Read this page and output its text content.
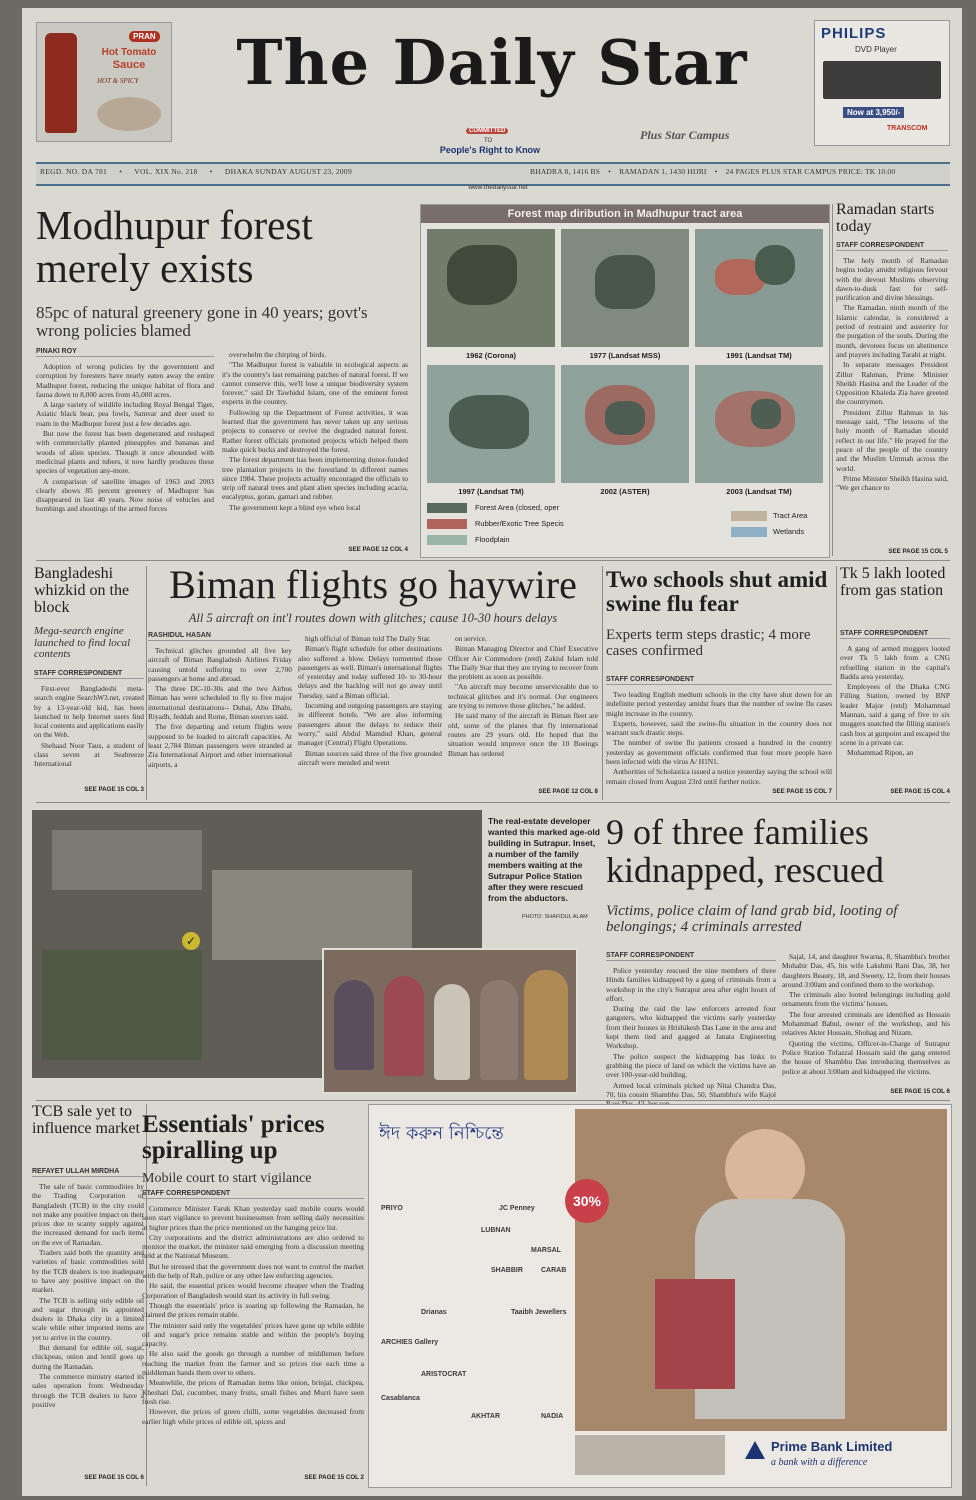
PRAN
Hot Tomato
Sauce
HOT & SPICY	The Daily Star
Plus Star Campus
PHILIPS
DVD Player
Now at 3,950/-
TRANSCOM
COMMITTED
TO
People's Right to Know
REGD. NO. DA 781 • VOL. XIX No. 218 • DHAKA SUNDAY AUGUST 23, 2009	BHADRA 8, 1416 BS • RAMADAN 1, 1430 HIJRI • 24 PAGES PLUS STAR CAMPUS PRICE: TK 10.00
www.thedailystar.net
Modhupur forest merely exists
85pc of natural greenery gone in 40 years; govt's wrong policies blamed
PINAKI ROY

Adoption of wrong policies by the government and corruption by foresters have nearly eaten away the entire Madhupur forest, reducing the unique habitat of flora and fauna down to 8,000 acres from 45,000 acres.

A large variety of wildlife including Royal Bengal Tiger, Asiatic black bear, pea fowls, Samvar and deer used to roam in the Madhupur forest just a few decades ago.

But now the forest has been degenerated and reshaped with commercially planted pineapples and bananas and woods of alien species. Though it once abounded with medicinal plants and tubers, it now hardly produces these species of vegetation any-more.

A comparison of satellite images of 1963 and 2003 clearly shows 85 percent greenery of Madhupur has disappeared in last 40 years. Now noise of vehicles and bombings and shootings of the armed forces

overwhelm the chirping of birds.

"The Madhupur forest is valuable in ecological aspects as it's the country's last remaining patches of natural forest. If we cannot conserve this, we'll lose a unique biodiversity system forever," said Dr Tawhidul Islam, one of the eminent forest experts in the country.

Following up the Department of Forest activities, it was learned that the government has never taken up any serious projects to conserve or revive the degraded natural forest. Rather forest officials promoted projects which helped them make quick bucks and destroyed the forest.

The forest department has been implementing donor-funded tree plantation projects in the forestland in different names since 1984. These projects actually encouraged the officials to strip off natural trees and plant alien species including acacia, eucalyptus, goran, gamari and rubber.

The government kept a blind eye when local

SEE PAGE 12 COL 4
Forest map diribution in Madhupur tract area
1962 (Corona)	1977 (Landsat MSS)	1991 (Landsat TM)
1997 (Landsat TM)	2002 (ASTER)	2003 (Landsat TM)
Forest Area (closed, oper
Rubber/Exotic Tree Specis
Floodplain
Tract Area
Wetlands
Ramadan starts today
STAFF CORRESPONDENT

The holy month of Ramadan begins today amidst religious fervour with the devout Muslims observing dawn-to-dusk fast for self-purification and divine blessings.

The Ramadan, ninth month of the Islamic calendar, is considered a period of restraint and austerity for the purgation of the souls. During the month, devotees focus on abstinence and prayers including Tarabi at night.

In separate messages President Zillur Rahman, Prime Minister Sheikh Hasina and the Leader of the Opposition Khaleda Zia have greeted the countrymen.

President Zillur Rahman in his message said, "The lessons of the holy month of Ramadan should reflect in our life." He prayed for the peace of the people of the country and the Muslim Ummah across the world.

Prime Minister Sheikh Hasina said, "We get chance to

SEE PAGE 15 COL 5
Bangladeshi whizkid on the block
Mega-search engine launched to find local contents
STAFF CORRESPONDENT

First-ever Bangladeshi meta-search engine SearchW3.net, created by a 13-year-old kid, has been launched to help Internet users find local contents and applications easily on the Web.

Shehaad Noor Taus, a student of class seven at Seabreeze International

SEE PAGE 15 COL 3
Biman flights go haywire
All 5 aircraft on int'l routes down with glitches; cause 10-30 hours delays
RASHIDUL HASAN

Technical glitches grounded all five key aircraft of Biman Bangladesh Airlines Friday causing untold suffering to over 2,700 passengers at home and abroad.

The three DC-10-30s and the two Airbus Biman has were scheduled to fly to five major international destinations-- Dubai, Abu Dhabi, Riyadh, Jeddah and Rome, Biman sources said.

The five departing and return flights were supposed to be loaded to aircraft capacities. At least 2,784 Biman passengers were stranded at Zia International Airport and other international airports, a

high official of Biman told The Daily Star.

Biman's flight schedule for other destinations also suffered a blow. Delays tormented those passengers as well. Biman's international flights of yesterday and today suffered 10- to 30-hour delays and the backlog will not go away until Tuesday, said a Biman official.

Incoming and outgoing passengers are staying in different hotels. "We are also informing passengers about the delays to reduce their worry," said Abdul Mamdud Khan, general manager (Central) Flight Operations.

Biman sources said three of the five grounded aircraft were mended and went

on service.

Biman Managing Director and Chief Executive Officer Air Commodore (retd) Zakiul Islam told The Daily Star that they are trying to recover from the problem as soon as possible.

"An aircraft may become unserviceable due to technical glitches and it's normal. Our engineers are trying to remove those glitches," he added.

He said many of the aircraft in Biman fleet are old, some of the planes that fly international routes are 29 years old. He hoped that the situation would improve once the 10 Boeings Biman has ordered

SEE PAGE 12 COL 8
Two schools shut amid swine flu fear
Experts term steps drastic; 4 more cases confirmed
STAFF CORRESPONDENT

Two leading English medium schools in the city have shut down for an indefinite period yesterday amidst fears that the number of swine flu cases might increase in the country.

Experts, however, said the swine-flu situation in the country does not warrant such drastic steps.

The number of swine flu patients crossed a hundred in the country yesterday as government officials confirmed that four more people have been infected with the virus A/ H1N1.

Authorities of Scholastica issued a notice yesterday saying the school will remain closed from August 23rd until further notice.

SEE PAGE 15 COL 7
Tk 5 lakh looted from gas station
STAFF CORRESPONDENT

A gang of armed muggers looted over Tk 5 lakh from a CNG refuelling station in the capital's Badda area yesterday.

Employees of the Dhaka CNG Filling Station, owned by BNP leader Major (retd) Mohammad Mannan, said a gang of five to six muggers snatched the filling station's cash box at gunpoint and escaped the scene in a private car.

Mohammad Ripon, an

SEE PAGE 15 COL 4
✓
The real-estate developer wanted this marked age-old building in Sutrapur. Inset, a number of the family members waiting at the Sutrapur Police Station after they were rescued from the abductors.
PHOTO: SHAFIDUL ALAM
9 of three families kidnapped, rescued
Victims, police claim of land grab bid, looting of belongings; 4 criminals arrested
STAFF CORRESPONDENT

Police yesterday rescued the nine members of three Hindu families kidnapped by a gang of criminals from a workshop in the city's Sutrapur area after eight hours of effort.

During the raid the law enforcers arrested four gangsters, who kidnapped the victims early yesterday from their houses in Hrishikesh Das Lane in the area and kept them tied and gagged at Janata Engineering Workshop.

The police suspect the kidnapping has links to grabbing the piece of land on which the victims have an over 100-year-old building.

Armed local criminals picked up Nitai Chandra Das, 70, his cousin Shambhu Das, 50, Shambhu's wife Kajol

Sajal, 14, and daughter Swarna, 8, Shambhu's brother Mohabir Das, 45, his wife Lakshmi Rani Das, 38, her daughters Beauty, 18, and Sweety, 12, from their houses around 3:00am and confined them to the workshop.

The criminals also looted belongings including gold ornaments from the victims' houses.

The four arrested criminals are identified as Hossain Mohammad Babul, owner of the workshop, and his relatives Akter Hossain, Shohag and Nizam.

Quoting the victims, Officer-in-Charge of Sutrapur Police Station Tofazzal Hossain said the gang entered the house of Shambhu Das introducing themselves as police at about 3:00am and kidnapped the victims.

SEE PAGE 15 COL 6
TCB sale yet to influence market
REFAYET ULLAH MIRDHA

The sale of basic commodities by the Trading Corporation of Bangladesh (TCB) in the city could not make any positive impact on their prices due to scanty supply against the increased demand for such items on the eve of Ramadan.

Traders said both the quantity and varieties of basic commodities sold by the TCB dealers is too inadequate to have any positive impact on the market.

The TCB is selling only edible oil and sugar through its appointed dealers in Dhaka city in a limited scale while other imported items are yet to arrive in the country.

But demand for edible oil, sugar, chickpeas, onion and lentil goes up during the Ramadan.

The commerce ministry started its sales operation from Wednesday through the TCB dealers to have a positive

SEE PAGE 15 COL 6
Essentials' prices spiralling up
Mobile court to start vigilance
STAFF CORRESPONDENT

Commerce Minister Faruk Khan yesterday said mobile courts would soon start vigilance to prevent businessmen from selling daily necessities at higher prices than the price mentioned on the hanging price list.

City corporations and the district administrations are also ordered to monitor the market, the minister said emerging from a discussion meeting held at the National Museum.

But he stressed that the government does not want to control the market with the help of Rab, police or any other law enforcing agencies.

He said, the essential prices would become cheaper when the Trading Corporation of Bangladesh would start its activity in full swing.

Though the essentials' price is soaring up following the Ramadan, he claimed the prices remain stable.

The minister said only the vegetables' prices have gone up while edible oil and sugar's price remains stable and within the people's buying capacity.

He also said the goods go through a number of middlemen before reaching the market from the farmer and so prices rise each time a middleman hands them over to others.

Meanwhile, the prices of Ramadan items like onion, brinjal, chickpea, Kheshari Dal, cucumber, many fruits, small fishes and Murri have seen fresh rise.

However, the prices of green chilli, some vegetables decreased from earlier high while prices of edible oil, spices and

SEE PAGE 15 COL 2
ঈদ করুন নিশ্চিন্তে
PRIYO	JC Penney
LUBNAN
MARSAL
SHABBIR	CARAB
Drianas	Taaibh Jewellers
ARCHIES Gallery
ARISTOCRAT
Casablanca
AKHTAR	NADIA
30%
Prime Bank Limited
a bank with a difference
